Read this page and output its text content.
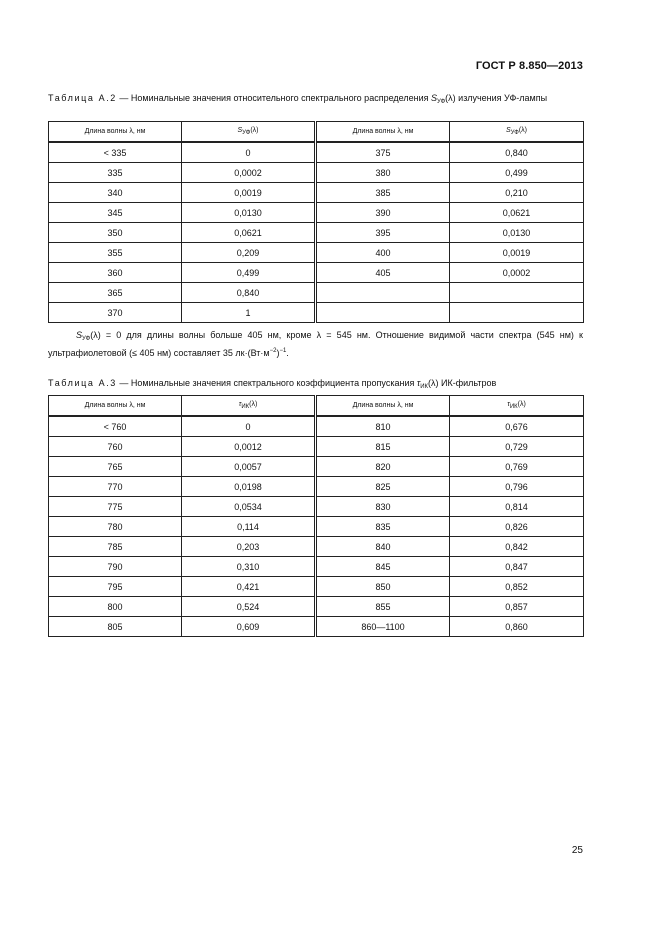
ГОСТ Р 8.850—2013
Таблица А.2 — Номинальные значения относительного спектрального распределения $S_{УФ}(\lambda)$ излучения УФ-лампы
Длина волны λ, нм	$S_{УФ}(\lambda)$		Длина волны λ, нм	$S_{УФ}(\lambda)$
< 335	0		375	0,840
335	0,0002		380	0,499
340	0,0019		385	0,210
345	0,0130		390	0,0621
350	0,0621		395	0,0130
355	0,209		400	0,0019
360	0,499		405	0,0002
365	0,840			
370	1			
$S_{УФ}(\lambda) = 0$ для длины волны больше 405 нм, кроме λ = 545 нм. Отношение видимой части спектра (545 нм) к ультрафиолетовой (≤ 405 нм) составляет 35 $лк\cdot(Вт\cdot м^{-2})^{-1}$.
Таблица А.3 — Номинальные значения спектрального коэффициента пропускания $\tau_{ИК}(\lambda)$ ИК-фильтров
Длина волны λ, нм	$\tau_{ИК}(\lambda)$		Длина волны λ, нм	$\tau_{ИК}(\lambda)$
< 760	0		810	0,676
760	0,0012		815	0,729
765	0,0057		820	0,769
770	0,0198		825	0,796
775	0,0534		830	0,814
780	0,114		835	0,826
785	0,203		840	0,842
790	0,310		845	0,847
795	0,421		850	0,852
800	0,524		855	0,857
805	0,609		860—1100	0,860
25
